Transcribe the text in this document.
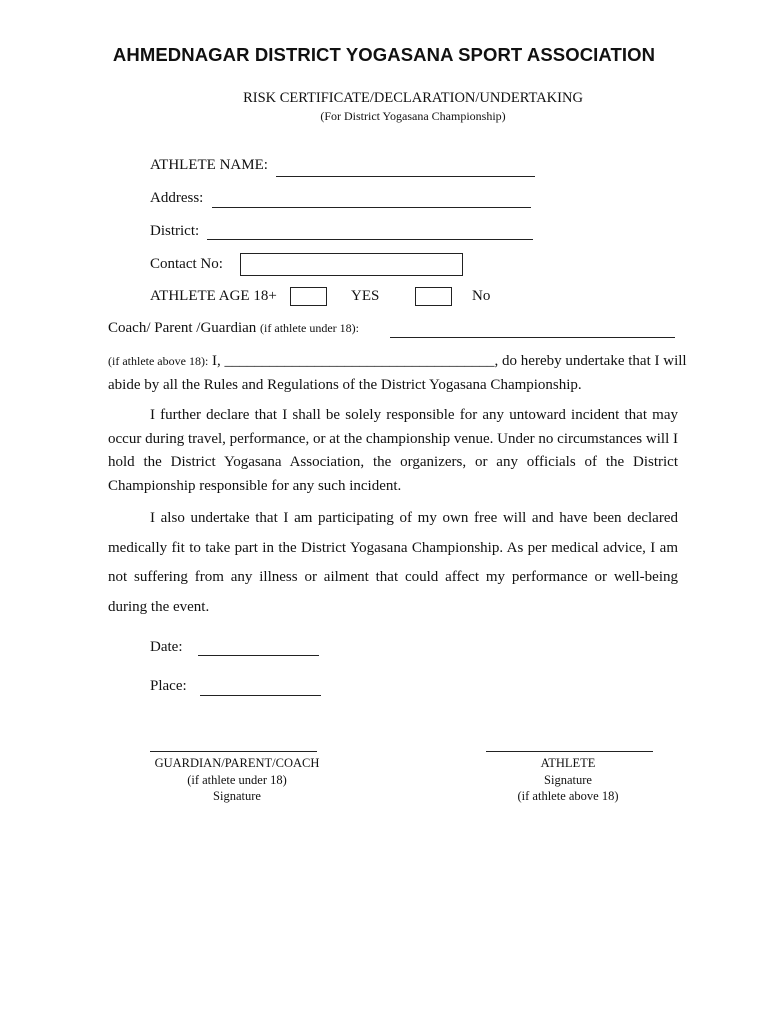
AHMEDNAGAR DISTRICT YOGASANA SPORT ASSOCIATION
RISK CERTIFICATE/DECLARATION/UNDERTAKING
(For District Yogasana Championship)
ATHLETE NAME:
Address:
District:
Contact No:
ATHLETE AGE 18+	YES	No
Coach/ Parent /Guardian (if athlete under 18):
(if athlete above 18): I, ____________________________________, do hereby undertake that I will
abide by all the Rules and Regulations of the District Yogasana Championship.
I further declare that I shall be solely responsible for any untoward incident that may occur during travel, performance, or at the championship venue. Under no circumstances will I hold the District Yogasana Association, the organizers, or any officials of the District Championship responsible for any such incident.
I also undertake that I am participating of my own free will and have been declared medically fit to take part in the District Yogasana Championship. As per medical advice, I am not suffering from any illness or ailment that could affect my performance or well-being during the event.
Date:
Place:
GUARDIAN/PARENT/COACH
(if athlete under 18)
Signature
ATHLETE
Signature
(if athlete above 18)
